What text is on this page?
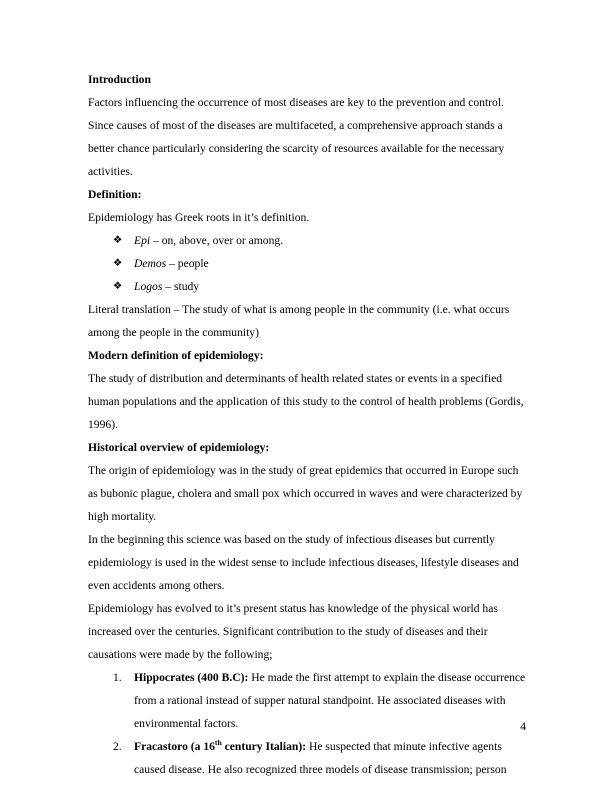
Introduction

Factors influencing the occurrence of most diseases are key to the prevention and control. Since causes of most of the diseases are multifaceted, a comprehensive approach stands a better chance particularly considering the scarcity of resources available for the necessary activities.

Definition:

Epidemiology has Greek roots in it’s definition.

❖ Epi – on, above, over or among.
❖ Demos – people
❖ Logos – study

Literal translation – The study of what is among people in the community (i.e. what occurs among the people in the community)

Modern definition of epidemiology:

The study of distribution and determinants of health related states or events in a specified human populations and the application of this study to the control of health problems (Gordis, 1996).

Historical overview of epidemiology:

The origin of epidemiology was in the study of great epidemics that occurred in Europe such as bubonic plague, cholera and small pox which occurred in waves and were characterized by high mortality.

In the beginning this science was based on the study of infectious diseases but currently epidemiology is used in the widest sense to include infectious diseases, lifestyle diseases and even accidents among others.

Epidemiology has evolved to it’s present status has knowledge of the physical world has increased over the centuries. Significant contribution to the study of diseases and their causations were made by the following;

1. Hippocrates (400 B.C): He made the first attempt to explain the disease occurrence from a rational instead of supper natural standpoint. He associated diseases with environmental factors.
2. Fracastoro (a 16th century Italian): He suspected that minute infective agents caused disease. He also recognized three models of disease transmission; person
4
